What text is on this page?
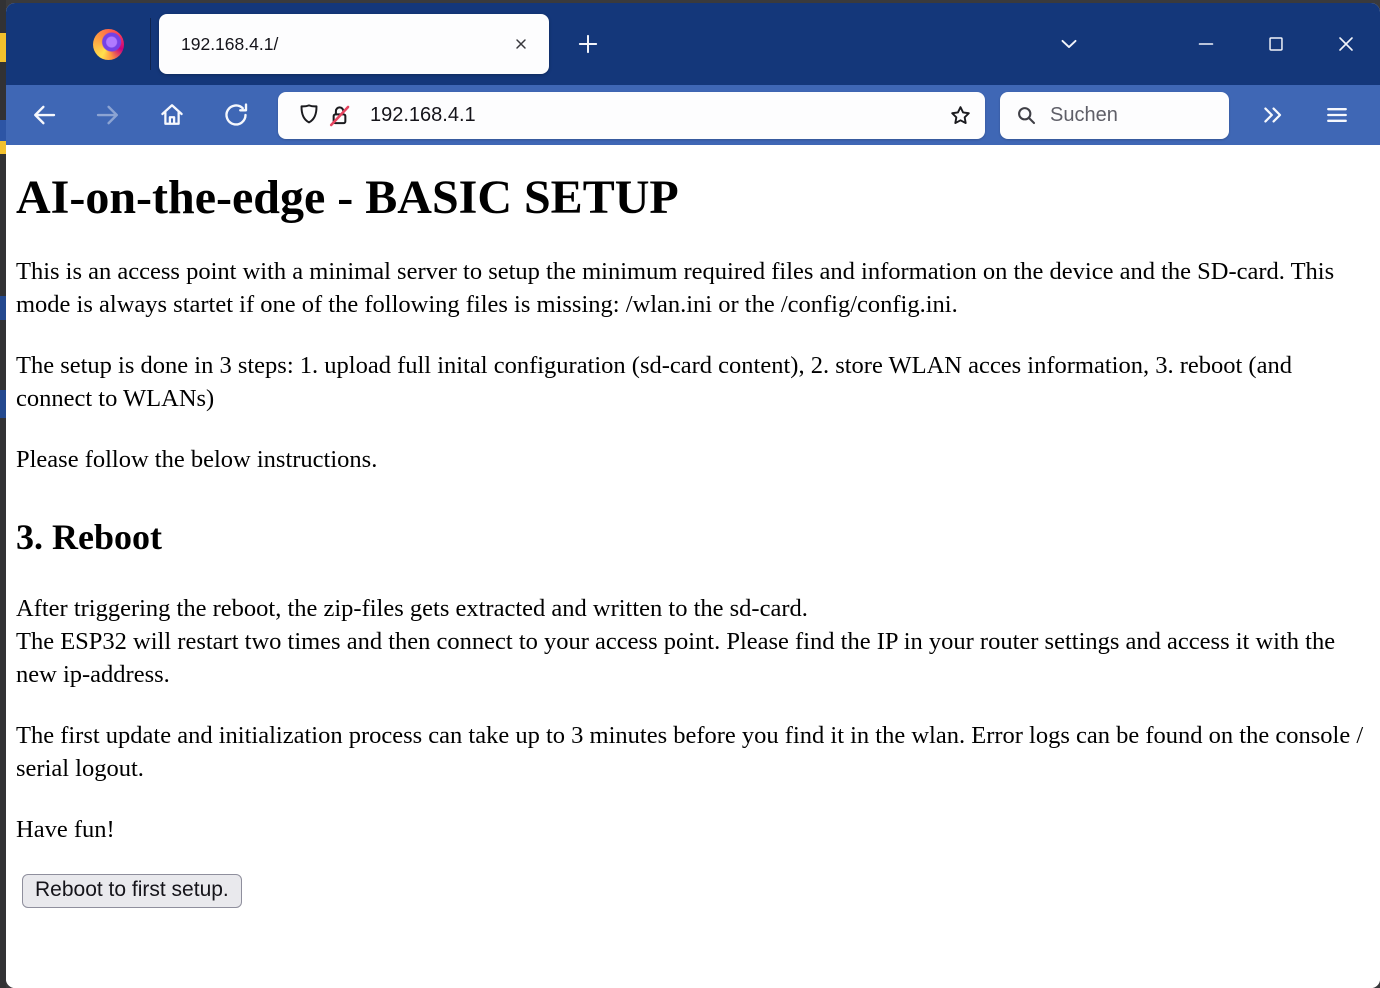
192.168.4.1/
192.168.4.1
Suchen
AI-on-the-edge - BASIC SETUP

This is an access point with a minimal server to setup the minimum required files and information on the device and the SD-card. This mode is always startet if one of the following files is missing: /wlan.ini or the /config/config.ini.

The setup is done in 3 steps: 1. upload full inital configuration (sd-card content), 2. store WLAN acces information, 3. reboot (and connect to WLANs)

Please follow the below instructions.

3. Reboot

After triggering the reboot, the zip-files gets extracted and written to the sd-card.
The ESP32 will restart two times and then connect to your access point. Please find the IP in your router settings and access it with the new ip-address.

The first update and initialization process can take up to 3 minutes before you find it in the wlan. Error logs can be found on the console / serial logout.

Have fun!

Reboot to first setup.
